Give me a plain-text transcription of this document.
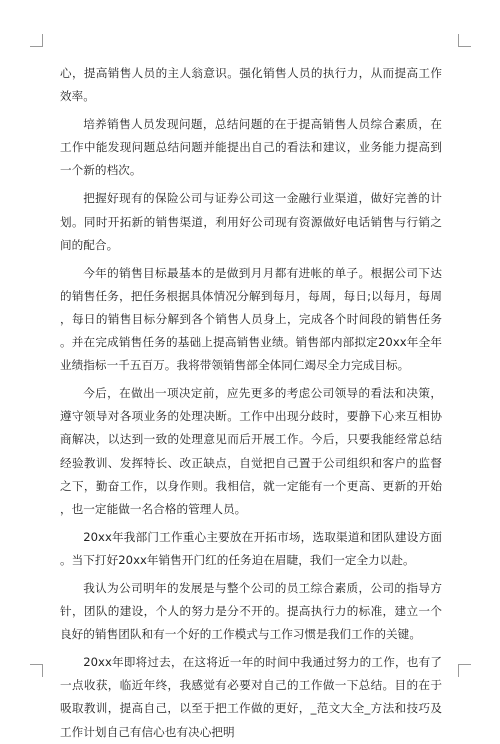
心，提高销售人员的主人翁意识。强化销售人员的执行力，从而提高工作效率。

培养销售人员发现问题，总结问题的在于提高销售人员综合素质，在工作中能发现问题总结问题并能提出自己的看法和建议，业务能力提高到一个新的档次。

把握好现有的保险公司与证券公司这一金融行业渠道，做好完善的计划。同时开拓新的销售渠道，利用好公司现有资源做好电话销售与行销之间的配合。

今年的销售目标最基本的是做到月月都有进帐的单子。根据公司下达的销售任务，把任务根据具体情况分解到每月，每周，每日;以每月，每周，每日的销售目标分解到各个销售人员身上，完成各个时间段的销售任务。并在完成销售任务的基础上提高销售业绩。销售部内部拟定20xx年全年业绩指标一千五百万。我将带领销售部全体同仁竭尽全力完成目标。

今后，在做出一项决定前，应先更多的考虑公司领导的看法和决策，遵守领导对各项业务的处理决断。工作中出现分歧时，要静下心来互相协商解决，以达到一致的处理意见而后开展工作。今后，只要我能经常总结经验教训、发挥特长、改正缺点，自觉把自己置于公司组织和客户的监督之下，勤奋工作，以身作则。我相信，就一定能有一个更高、更新的开始，也一定能做一名合格的管理人员。

20xx年我部门工作重心主要放在开拓市场，选取渠道和团队建设方面。当下打好20xx年销售开门红的任务迫在眉睫，我们一定全力以赴。

我认为公司明年的发展是与整个公司的员工综合素质，公司的指导方针，团队的建设，个人的努力是分不开的。提高执行力的标准，建立一个良好的销售团队和有一个好的工作模式与工作习惯是我们工作的关键。

20xx年即将过去，在这将近一年的时间中我通过努力的工作，也有了一点收获，临近年终，我感觉有必要对自己的工作做一下总结。目的在于吸取教训，提高自己，以至于把工作做的更好，_范文大全_方法和技巧及工作计划自己有信心也有决心把明
